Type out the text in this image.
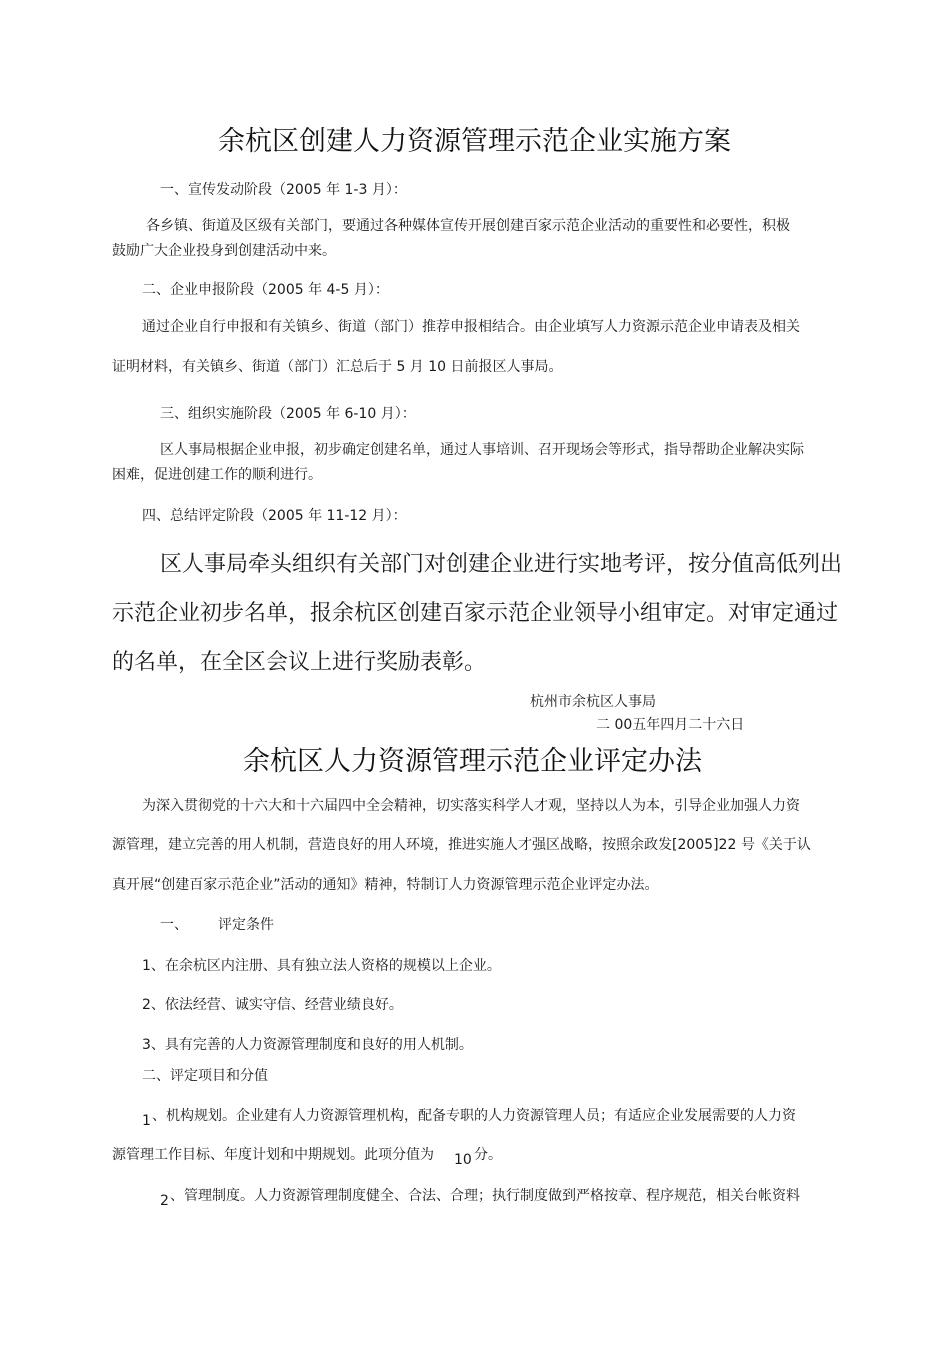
余杭区创建人力资源管理示范企业实施方案
一、宣传发动阶段（2005 年 1-3 月）：
各乡镇、街道及区级有关部门，要通过各种媒体宣传开展创建百家示范企业活动的重要性和必要性，积极
鼓励广大企业投身到创建活动中来。
二、企业申报阶段（2005 年 4-5 月）：
通过企业自行申报和有关镇乡、街道（部门）推荐申报相结合。由企业填写人力资源示范企业申请表及相关
证明材料，有关镇乡、街道（部门）汇总后于 5 月 10 日前报区人事局。
三、组织实施阶段（2005 年 6-10 月）：
区人事局根据企业申报，初步确定创建名单，通过人事培训、召开现场会等形式，指导帮助企业解决实际
困难，促进创建工作的顺利进行。
四、总结评定阶段（2005 年 11-12 月）：
区人事局牵头组织有关部门对创建企业进行实地考评，按分值高低列出
示范企业初步名单，报余杭区创建百家示范企业领导小组审定。对审定通过
的名单，在全区会议上进行奖励表彰。
杭州市余杭区人事局
二 00五年四月二十六日
余杭区人力资源管理示范企业评定办法
为深入贯彻党的十六大和十六届四中全会精神，切实落实科学人才观，坚持以人为本，引导企业加强人力资
源管理，建立完善的用人机制，营造良好的用人环境，推进实施人才强区战略，按照余政发[2005]22 号《关于认
真开展“创建百家示范企业”活动的通知》精神，特制订人力资源管理示范企业评定办法。
一、 评定条件
1、在余杭区内注册、具有独立法人资格的规模以上企业。
2、依法经营、诚实守信、经营业绩良好。
3、具有完善的人力资源管理制度和良好的用人机制。
二、评定项目和分值
1 、机构规划。企业建有人力资源管理机构，配备专职的人力资源管理人员；有适应企业发展需要的人力资
源管理工作目标、年度计划和中期规划。此项分值为 10 分。
2 、管理制度。人力资源管理制度健全、合法、合理；执行制度做到严格按章、程序规范，相关台帐资料
